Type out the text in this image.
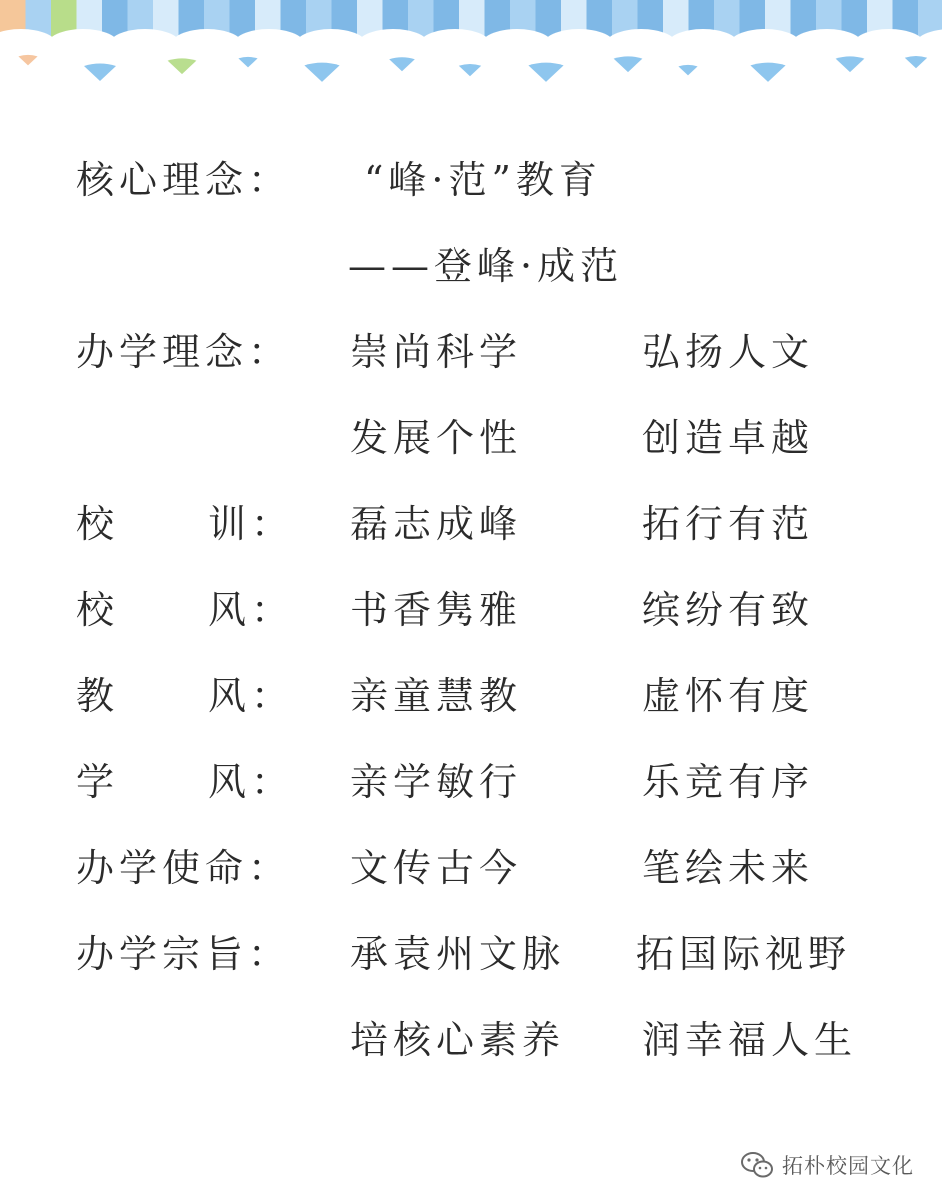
核心理念： “峰·范”教育
——登峰·成范
办学理念： 崇尚科学	弘扬人文
发展个性	创造卓越
校 训： 磊志成峰	拓行有范
校 风： 书香隽雅	缤纷有致
教 风： 亲童慧教	虚怀有度
学 风： 亲学敏行	乐竞有序
办学使命： 文传古今	笔绘未来
办学宗旨： 承袁州文脉 拓国际视野
培核心素养 润幸福人生
拓朴校园文化
